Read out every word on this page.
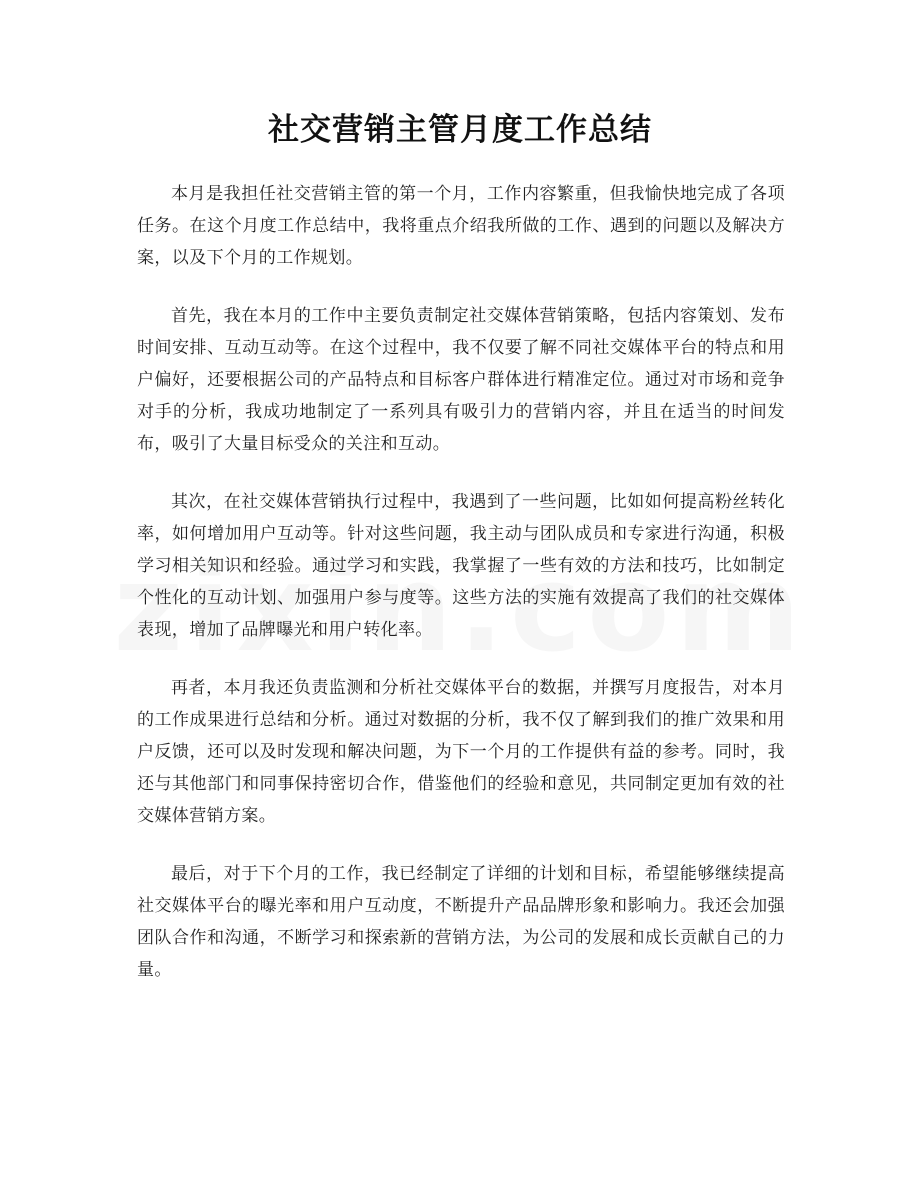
社交营销主管月度工作总结

本月是我担任社交营销主管的第一个月，工作内容繁重，但我愉快地完成了各项任务。在这个月度工作总结中，我将重点介绍我所做的工作、遇到的问题以及解决方案，以及下个月的工作规划。

首先，我在本月的工作中主要负责制定社交媒体营销策略，包括内容策划、发布时间安排、互动互动等。在这个过程中，我不仅要了解不同社交媒体平台的特点和用户偏好，还要根据公司的产品特点和目标客户群体进行精准定位。通过对市场和竞争对手的分析，我成功地制定了一系列具有吸引力的营销内容，并且在适当的时间发布，吸引了大量目标受众的关注和互动。

其次，在社交媒体营销执行过程中，我遇到了一些问题，比如如何提高粉丝转化率，如何增加用户互动等。针对这些问题，我主动与团队成员和专家进行沟通，积极学习相关知识和经验。通过学习和实践，我掌握了一些有效的方法和技巧，比如制定个性化的互动计划、加强用户参与度等。这些方法的实施有效提高了我们的社交媒体表现，增加了品牌曝光和用户转化率。

再者，本月我还负责监测和分析社交媒体平台的数据，并撰写月度报告，对本月的工作成果进行总结和分析。通过对数据的分析，我不仅了解到我们的推广效果和用户反馈，还可以及时发现和解决问题，为下一个月的工作提供有益的参考。同时，我还与其他部门和同事保持密切合作，借鉴他们的经验和意见，共同制定更加有效的社交媒体营销方案。

最后，对于下个月的工作，我已经制定了详细的计划和目标，希望能够继续提高社交媒体平台的曝光率和用户互动度，不断提升产品品牌形象和影响力。我还会加强团队合作和沟通，不断学习和探索新的营销方法，为公司的发展和成长贡献自己的力量。
